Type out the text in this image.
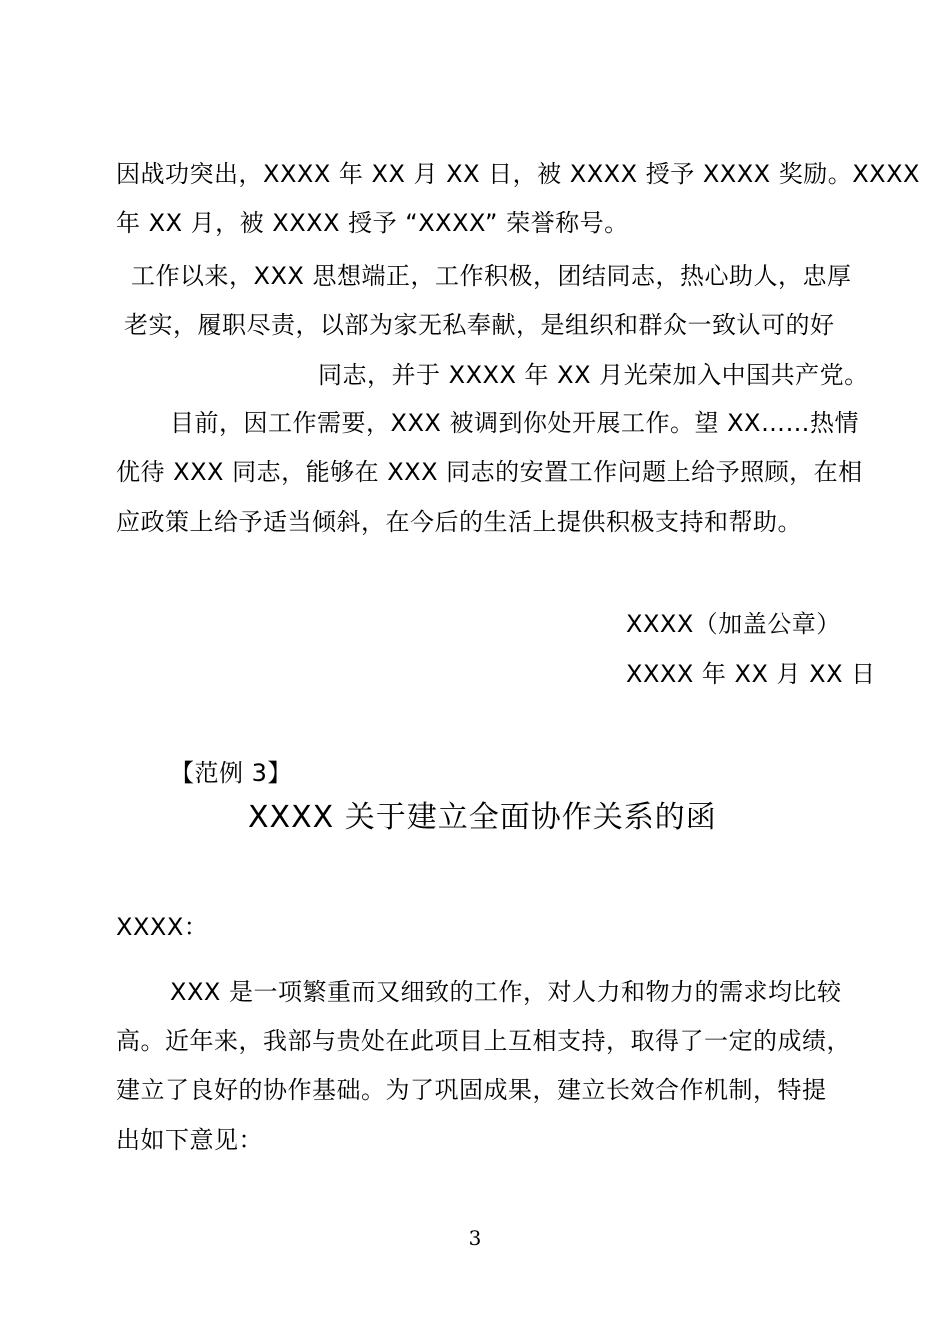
因战功突出，XXXX 年 XX 月 XX 日，被 XXXX 授予 XXXX 奖励。XXXX
年 XX 月，被 XXXX 授予 “XXXX” 荣誉称号。
工作以来，XXX 思想端正，工作积极，团结同志，热心助人，忠厚
老实，履职尽责，以部为家无私奉献，是组织和群众一致认可的好
同志，并于 XXXX 年 XX 月光荣加入中国共产党。
目前，因工作需要，XXX 被调到你处开展工作。望 XX……热情
优待 XXX 同志，能够在 XXX 同志的安置工作问题上给予照顾，在相
应政策上给予适当倾斜，在今后的生活上提供积极支持和帮助。
XXXX（加盖公章）
XXXX 年 XX 月 XX 日
【范例 3】
XXXX 关于建立全面协作关系的函
XXXX：
XXX 是一项繁重而又细致的工作，对人力和物力的需求均比较
高。近年来，我部与贵处在此项目上互相支持，取得了一定的成绩，
建立了良好的协作基础。为了巩固成果，建立长效合作机制，特提
出如下意见：
3
